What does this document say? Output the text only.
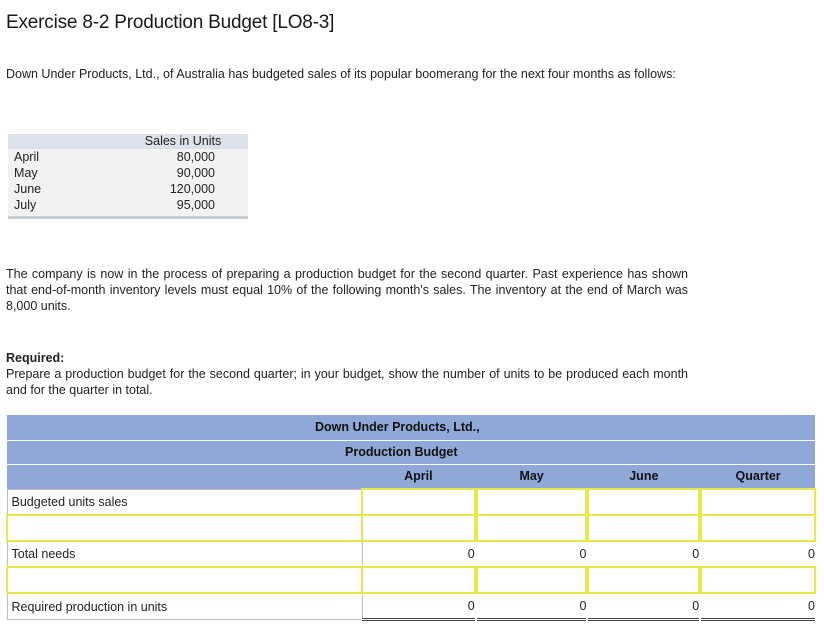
Exercise 8-2 Production Budget [LO8-3]

Down Under Products, Ltd., of Australia has budgeted sales of its popular boomerang for the next four months as follows:

	Sales in Units
April	80,000
May	90,000
June	120,000
July	95,000

The company is now in the process of preparing a production budget for the second quarter. Past experience has shown that end-of-month inventory levels must equal 10% of the following month's sales. The inventory at the end of March was 8,000 units.

Required:
Prepare a production budget for the second quarter; in your budget, show the number of units to be produced each month and for the quarter in total.
Down Under Products, Ltd.,							

Production Budget							

	April		May		June		Quarter
Budgeted units sales							

Total needs	0		0		0		0

Required production in units	0		0		0		0
